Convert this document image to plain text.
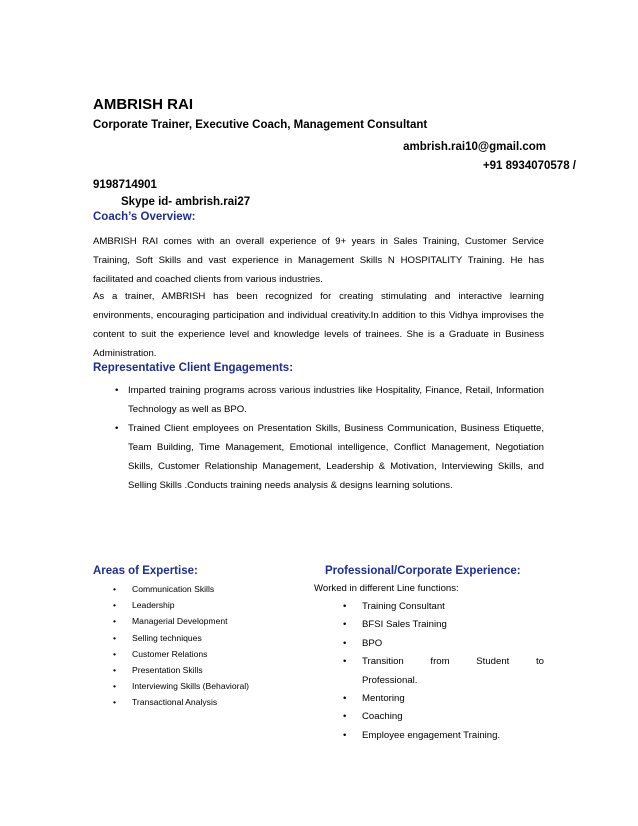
AMBRISH RAI
Corporate Trainer, Executive Coach, Management Consultant
ambrish.rai10@gmail.com
+91 8934070578 /
9198714901
Skype id- ambrish.rai27
Coach’s Overview:

AMBRISH RAI comes with an overall experience of 9+ years in Sales Training, Customer Service Training, Soft Skills and vast experience in Management Skills N HOSPITALITY Training. He has facilitated and coached clients from various industries.

As a trainer, AMBRISH has been recognized for creating stimulating and interactive learning environments, encouraging participation and individual creativity.In addition to this Vidhya improvises the content to suit the experience level and knowledge levels of trainees. She is a Graduate in Business Administration.

Representative Client Engagements:
• Imparted training programs across various industries like Hospitality, Finance, Retail, Information Technology as well as BPO.
• Trained Client employees on Presentation Skills, Business Communication, Business Etiquette, Team Building, Time Management, Emotional intelligence, Conflict Management, Negotiation Skills, Customer Relationship Management, Leadership & Motivation, Interviewing Skills, and Selling Skills .Conducts training needs analysis & designs learning solutions.
Areas of Expertise:
• Communication Skills
• Leadership
• Managerial Development
• Selling techniques
• Customer Relations
• Presentation Skills
• Interviewing Skills (Behavioral)
• Transactional Analysis
Professional/Corporate Experience:
Worked in different Line functions:
• Training Consultant
• BFSI Sales Training
• BPO
• Transition	from	Student	to
Professional.
• Mentoring
• Coaching
• Employee engagement Training.
